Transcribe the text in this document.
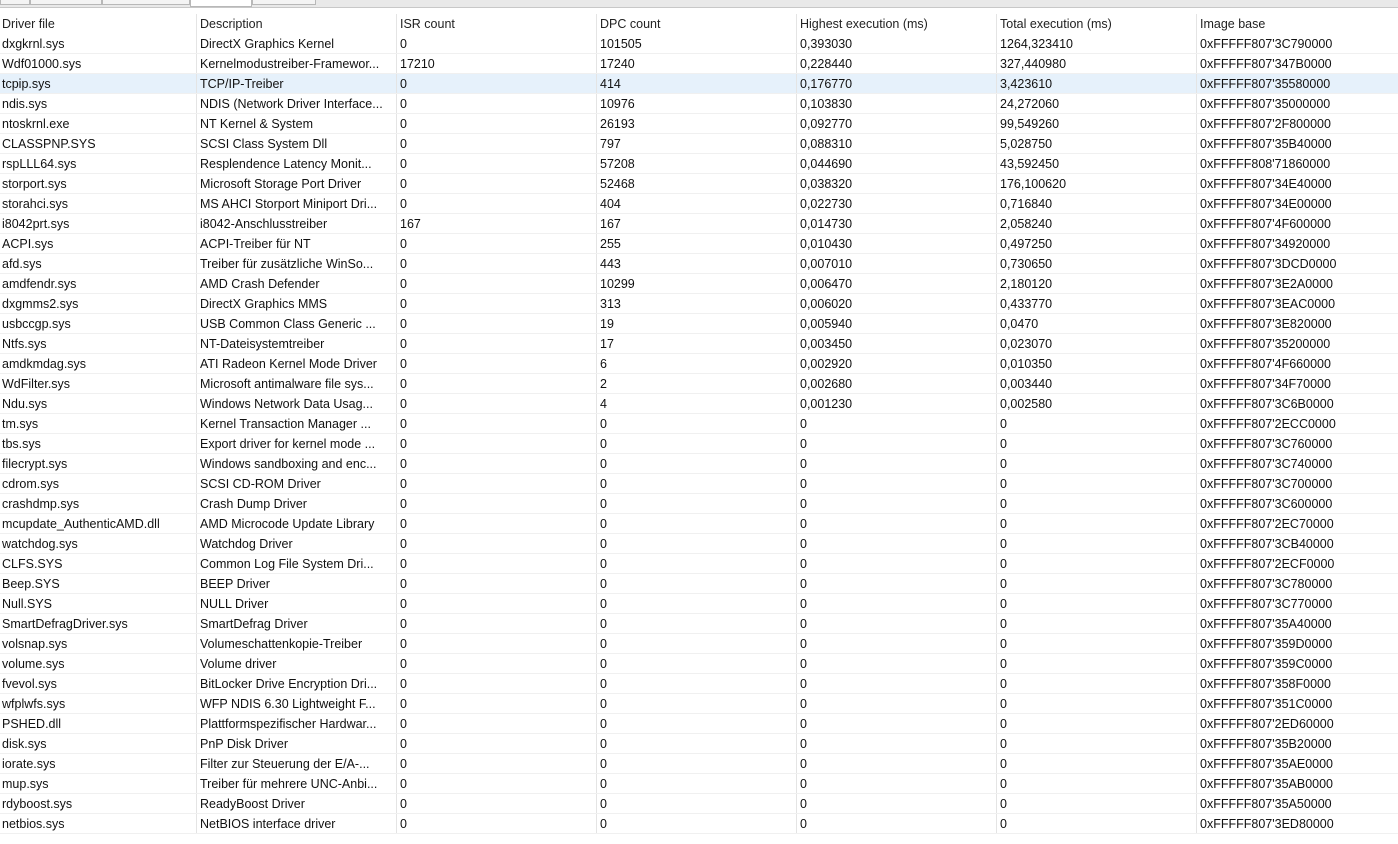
Driver file	Description	ISR count	DPC count	Highest execution (ms)	Total execution (ms)	Image base
dxgkrnl.sys	DirectX Graphics Kernel	0	101505	0,393030	1264,323410	0xFFFFF807'3C790000
Wdf01000.sys	Kernelmodustreiber-Framewor...	17210	17240	0,228440	327,440980	0xFFFFF807'347B0000
tcpip.sys	TCP/IP-Treiber	0	414	0,176770	3,423610	0xFFFFF807'35580000
ndis.sys	NDIS (Network Driver Interface...	0	10976	0,103830	24,272060	0xFFFFF807'35000000
ntoskrnl.exe	NT Kernel & System	0	26193	0,092770	99,549260	0xFFFFF807'2F800000
CLASSPNP.SYS	SCSI Class System Dll	0	797	0,088310	5,028750	0xFFFFF807'35B40000
rspLLL64.sys	Resplendence Latency Monit...	0	57208	0,044690	43,592450	0xFFFFF808'71860000
storport.sys	Microsoft Storage Port Driver	0	52468	0,038320	176,100620	0xFFFFF807'34E40000
storahci.sys	MS AHCI Storport Miniport Dri...	0	404	0,022730	0,716840	0xFFFFF807'34E00000
i8042prt.sys	i8042-Anschlusstreiber	167	167	0,014730	2,058240	0xFFFFF807'4F600000
ACPI.sys	ACPI-Treiber für NT	0	255	0,010430	0,497250	0xFFFFF807'34920000
afd.sys	Treiber für zusätzliche WinSo...	0	443	0,007010	0,730650	0xFFFFF807'3DCD0000
amdfendr.sys	AMD Crash Defender	0	10299	0,006470	2,180120	0xFFFFF807'3E2A0000
dxgmms2.sys	DirectX Graphics MMS	0	313	0,006020	0,433770	0xFFFFF807'3EAC0000
usbccgp.sys	USB Common Class Generic ...	0	19	0,005940	0,0470	0xFFFFF807'3E820000
Ntfs.sys	NT-Dateisystemtreiber	0	17	0,003450	0,023070	0xFFFFF807'35200000
amdkmdag.sys	ATI Radeon Kernel Mode Driver	0	6	0,002920	0,010350	0xFFFFF807'4F660000
WdFilter.sys	Microsoft antimalware file sys...	0	2	0,002680	0,003440	0xFFFFF807'34F70000
Ndu.sys	Windows Network Data Usag...	0	4	0,001230	0,002580	0xFFFFF807'3C6B0000
tm.sys	Kernel Transaction Manager ...	0	0	0	0	0xFFFFF807'2ECC0000
tbs.sys	Export driver for kernel mode ...	0	0	0	0	0xFFFFF807'3C760000
filecrypt.sys	Windows sandboxing and enc...	0	0	0	0	0xFFFFF807'3C740000
cdrom.sys	SCSI CD-ROM Driver	0	0	0	0	0xFFFFF807'3C700000
crashdmp.sys	Crash Dump Driver	0	0	0	0	0xFFFFF807'3C600000
mcupdate_AuthenticAMD.dll	AMD Microcode Update Library	0	0	0	0	0xFFFFF807'2EC70000
watchdog.sys	Watchdog Driver	0	0	0	0	0xFFFFF807'3CB40000
CLFS.SYS	Common Log File System Dri...	0	0	0	0	0xFFFFF807'2ECF0000
Beep.SYS	BEEP Driver	0	0	0	0	0xFFFFF807'3C780000
Null.SYS	NULL Driver	0	0	0	0	0xFFFFF807'3C770000
SmartDefragDriver.sys	SmartDefrag Driver	0	0	0	0	0xFFFFF807'35A40000
volsnap.sys	Volumeschattenkopie-Treiber	0	0	0	0	0xFFFFF807'359D0000
volume.sys	Volume driver	0	0	0	0	0xFFFFF807'359C0000
fvevol.sys	BitLocker Drive Encryption Dri...	0	0	0	0	0xFFFFF807'358F0000
wfplwfs.sys	WFP NDIS 6.30 Lightweight F...	0	0	0	0	0xFFFFF807'351C0000
PSHED.dll	Plattformspezifischer Hardwar...	0	0	0	0	0xFFFFF807'2ED60000
disk.sys	PnP Disk Driver	0	0	0	0	0xFFFFF807'35B20000
iorate.sys	Filter zur Steuerung der E/A-...	0	0	0	0	0xFFFFF807'35AE0000
mup.sys	Treiber für mehrere UNC-Anbi...	0	0	0	0	0xFFFFF807'35AB0000
rdyboost.sys	ReadyBoost Driver	0	0	0	0	0xFFFFF807'35A50000
netbios.sys	NetBIOS interface driver	0	0	0	0	0xFFFFF807'3ED80000
